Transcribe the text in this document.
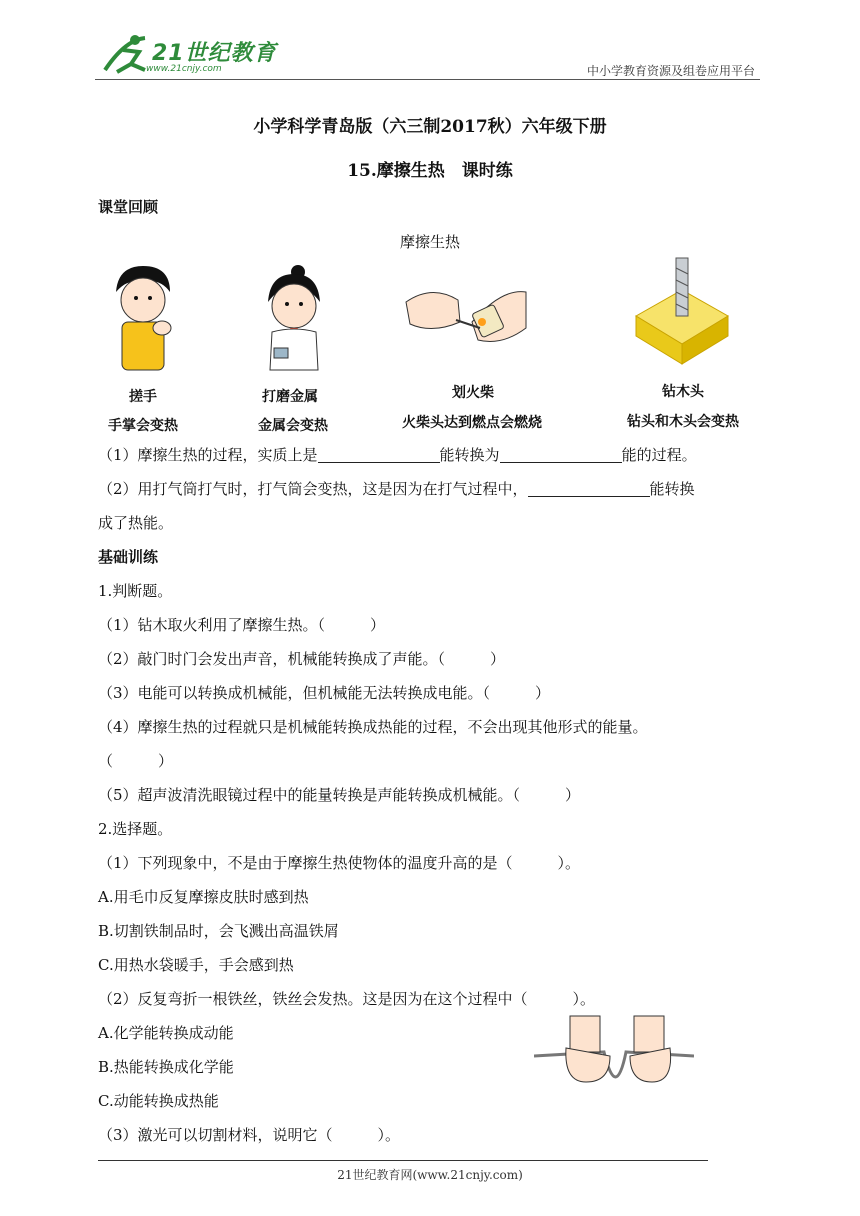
21世纪教育
www.21cnjy.com	中小学教育资源及组卷应用平台
小学科学青岛版（六三制2017秋）六年级下册
15.摩擦生热　课时练
课堂回顾
摩擦生热
搓手
手掌会变热
打磨金属
金属会变热
划火柴
火柴头达到燃点会燃烧
钻木头
钻头和木头会变热
（1）摩擦生热的过程，实质上是	能转换为	能的过程。
（2）用打气筒打气时，打气筒会变热，这是因为在打气过程中，	能转换
成了热能。
基础训练
1.判断题。
（1）钻木取火利用了摩擦生热。（　　　）
（2）敲门时门会发出声音，机械能转换成了声能。（　　　）
（3）电能可以转换成机械能，但机械能无法转换成电能。（　　　）
（4）摩擦生热的过程就只是机械能转换成热能的过程，不会出现其他形式的能量。
（　　　）
（5）超声波清洗眼镜过程中的能量转换是声能转换成机械能。（　　　）
2.选择题。
（1）下列现象中，不是由于摩擦生热使物体的温度升高的是（　　　）。
A.用毛巾反复摩擦皮肤时感到热
B.切割铁制品时，会飞溅出高温铁屑
C.用热水袋暖手，手会感到热
（2）反复弯折一根铁丝，铁丝会发热。这是因为在这个过程中（　　　）。
A.化学能转换成动能
B.热能转换成化学能
C.动能转换成热能
（3）激光可以切割材料，说明它（　　　）。
21世纪教育网(www.21cnjy.com)
